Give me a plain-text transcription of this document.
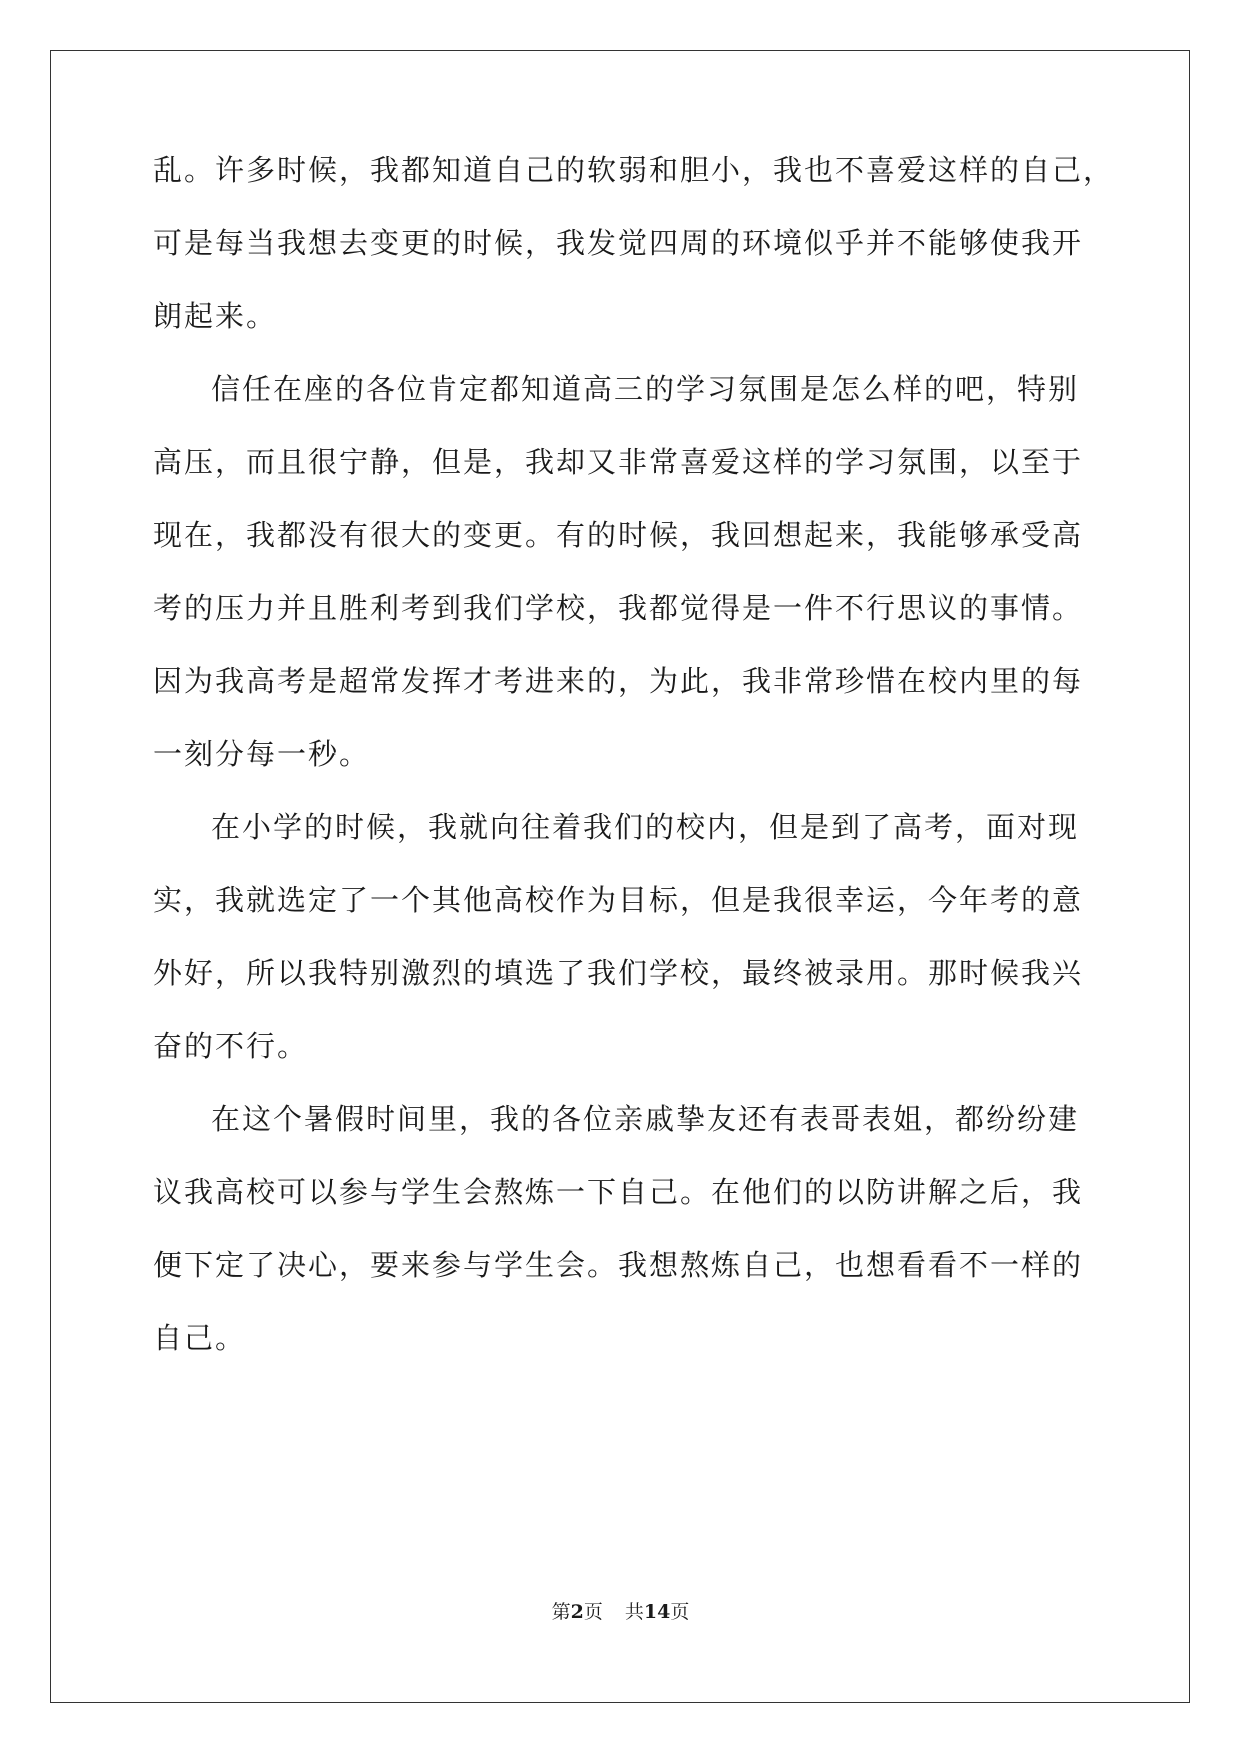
乱。许多时候，我都知道自己的软弱和胆小，我也不喜爱这样的自己，
可是每当我想去变更的时候，我发觉四周的环境似乎并不能够使我开
朗起来。
信任在座的各位肯定都知道高三的学习氛围是怎么样的吧，特别
高压，而且很宁静，但是，我却又非常喜爱这样的学习氛围，以至于
现在，我都没有很大的变更。有的时候，我回想起来，我能够承受高
考的压力并且胜利考到我们学校，我都觉得是一件不行思议的事情。
因为我高考是超常发挥才考进来的，为此，我非常珍惜在校内里的每
一刻分每一秒。
在小学的时候，我就向往着我们的校内，但是到了高考，面对现
实，我就选定了一个其他高校作为目标，但是我很幸运，今年考的意
外好，所以我特别激烈的填选了我们学校，最终被录用。那时候我兴
奋的不行。
在这个暑假时间里，我的各位亲戚挚友还有表哥表姐，都纷纷建
议我高校可以参与学生会熬炼一下自己。在他们的以防讲解之后，我
便下定了决心，要来参与学生会。我想熬炼自己，也想看看不一样的
自己。
第2页 共14页
